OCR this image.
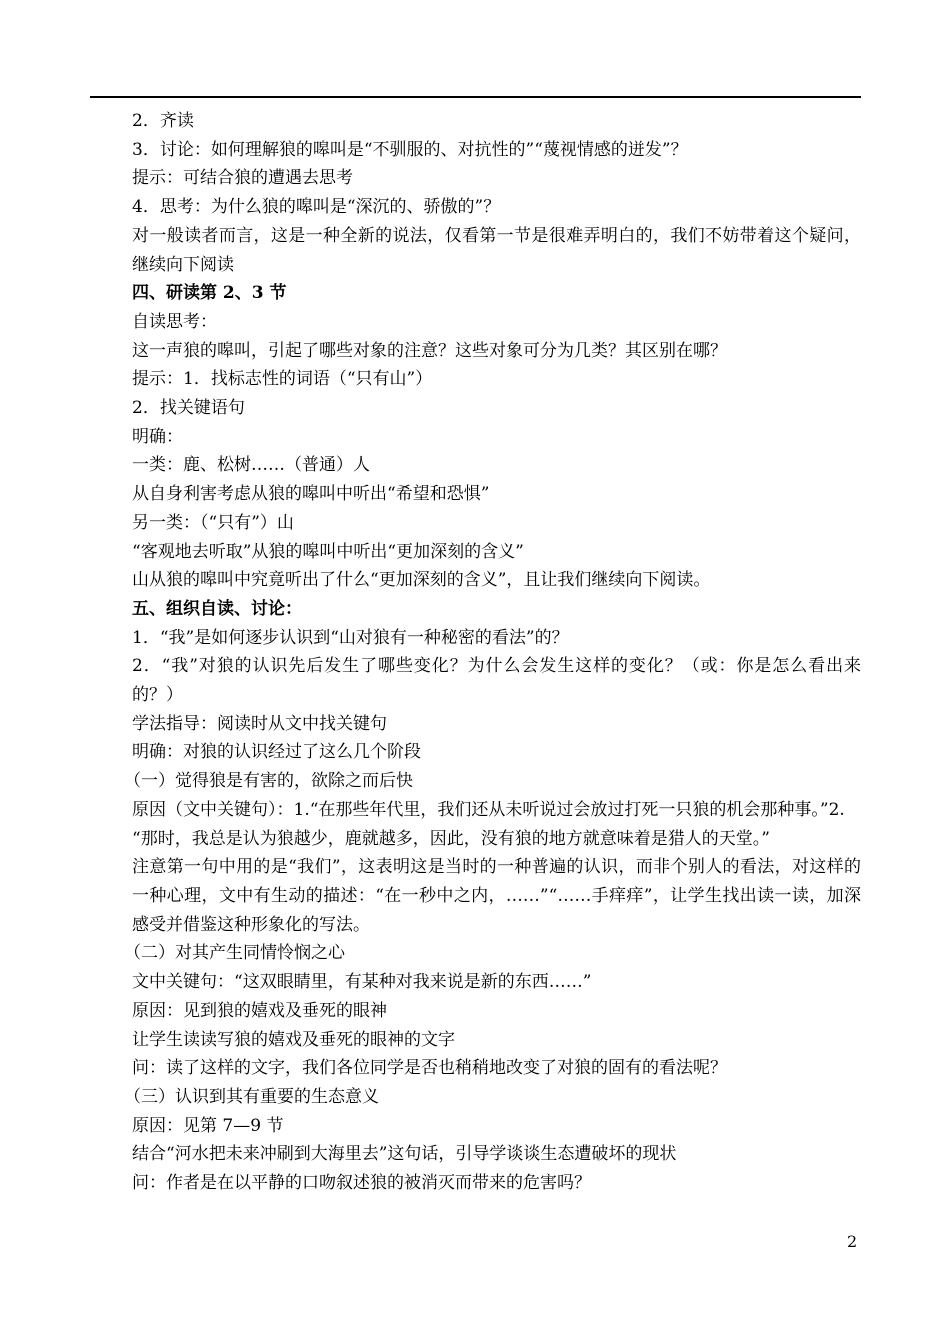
2．齐读
3．讨论：如何理解狼的嗥叫是“不驯服的、对抗性的”“蔑视情感的迸发”？
提示：可结合狼的遭遇去思考
4．思考：为什么狼的嗥叫是“深沉的、骄傲的”？
对一般读者而言，这是一种全新的说法，仅看第一节是很难弄明白的，我们不妨带着这个疑问，继续向下阅读
四、研读第 2、3 节
自读思考：
这一声狼的嗥叫，引起了哪些对象的注意？这些对象可分为几类？其区别在哪？
提示：1．找标志性的词语（“只有山”）
2．找关键语句
明确：
一类：鹿、松树……（普通）人
从自身利害考虑从狼的嗥叫中听出“希望和恐惧”
另一类：（“只有”）山
“客观地去听取”从狼的嗥叫中听出“更加深刻的含义”
山从狼的嗥叫中究竟听出了什么“更加深刻的含义”，且让我们继续向下阅读。
五、组织自读、讨论：
1．“我”是如何逐步认识到“山对狼有一种秘密的看法”的？
2．“我”对狼的认识先后发生了哪些变化？为什么会发生这样的变化？（或：你是怎么看出来的？）
学法指导：阅读时从文中找关键句
明确：对狼的认识经过了这么几个阶段
（一）觉得狼是有害的，欲除之而后快
原因（文中关键句）：1.“在那些年代里，我们还从未听说过会放过打死一只狼的机会那种事。”2.
“那时，我总是认为狼越少，鹿就越多，因此，没有狼的地方就意味着是猎人的天堂。”
注意第一句中用的是“我们”，这表明这是当时的一种普遍的认识，而非个别人的看法，对这样的一种心理，文中有生动的描述：“在一秒中之内，……”“……手痒痒”，让学生找出读一读，加深感受并借鉴这种形象化的写法。
（二）对其产生同情怜悯之心
文中关键句：“这双眼睛里，有某种对我来说是新的东西……”
原因：见到狼的嬉戏及垂死的眼神
让学生读读写狼的嬉戏及垂死的眼神的文字
问：读了这样的文字，我们各位同学是否也稍稍地改变了对狼的固有的看法呢？
（三）认识到其有重要的生态意义
原因：见第 7—9 节
结合“河水把未来冲刷到大海里去”这句话，引导学谈谈生态遭破坏的现状
问：作者是在以平静的口吻叙述狼的被消灭而带来的危害吗？
2
